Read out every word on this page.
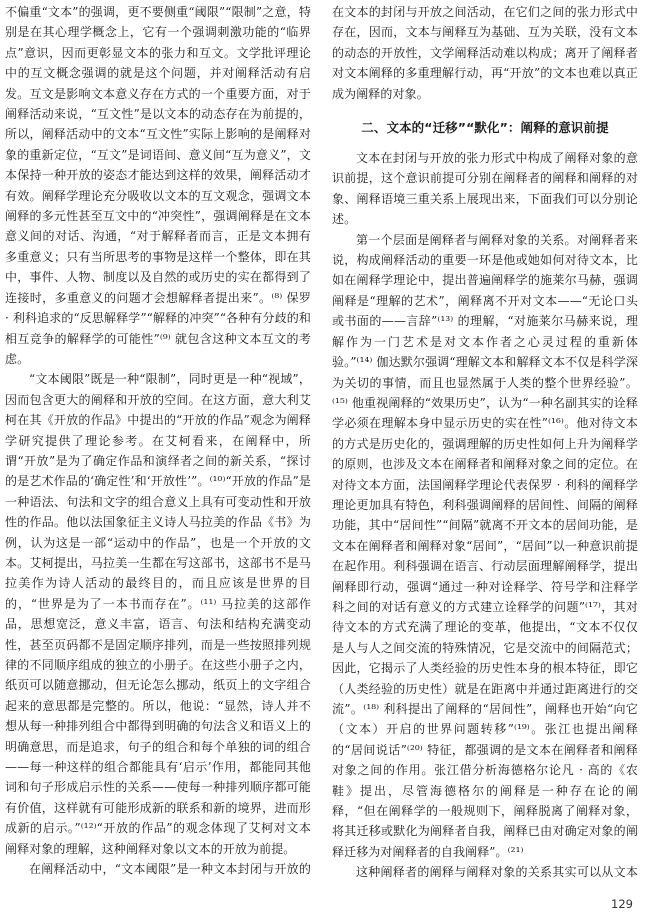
不偏重“文本”的强调，更不要侧重“阈限”“限制”之意，特别是在其心理学概念上，它有一个强调刺激功能的“临界点”意识，因而更彰显文本的张力和互文。文学批评理论中的互文概念强调的就是这个问题，并对阐释活动有启发。互文是影响文本意义存在方式的一个重要方面，对于阐释活动来说，“互文性”是以文本的动态存在为前提的，所以，阐释活动中的文本“互文性”实际上影响的是阐释对象的重新定位，“互文”是词语间、意义间“互为意义”，文本保持一种开放的姿态才能达到这样的效果，阐释活动才有效。阐释学理论充分吸收以文本的互文观念，强调文本阐释的多元性甚至互文中的“冲突性”，强调阐释是在文本意义间的对话、沟通，“对于解释者而言，正是文本拥有多重意义；只有当所思考的事物是这样一个整体，即在其中，事件、人物、制度以及自然的或历史的实在都得到了连接时，多重意义的问题才会想解释者提出来”。⁽⁸⁾ 保罗 · 利科追求的“反思解释学”“解释的冲突”“各种有分歧的和相互竞争的解释学的可能性”⁽⁹⁾ 就包含这种文本互文的考虑。

“文本阈限”既是一种“限制”，同时更是一种“视域”，因而包含更大的阐释和开放的空间。在这方面，意大利艾柯在其《开放的作品》中提出的“开放的作品”观念为阐释学研究提供了理论参考。在艾柯看来，在阐释中，所谓“开放”是为了确定作品和演绎者之间的新关系，“探讨的是艺术作品的‘确定性’和‘开放性’”。⁽¹⁰⁾“开放的作品”是一种语法、句法和文字的组合意义上具有可变动性和开放性的作品。他以法国象征主义诗人马拉美的作品《书》为例，认为这是一部“运动中的作品”，也是一个开放的文本。艾柯提出，马拉美一生都在写这部书，这部书不是马拉美作为诗人活动的最终目的，而且应该是世界的目的，“世界是为了一本书而存在”。⁽¹¹⁾ 马拉美的这部作品，思想宽泛，意义丰富，语言、句法和结构充满变动性，甚至页码都不是固定顺序排列，而是一些按照排列规律的不同顺序组成的独立的小册子。在这些小册子之内，纸页可以随意挪动，但无论怎么挪动，纸页上的文字组合起来的意思都是完整的。所以，他说：“显然，诗人并不想从每一种排列组合中都得到明确的句法含义和语义上的明确意思，而是追求，句子的组合和每个单独的词的组合——每一种这样的组合都能具有‘启示’作用，都能同其他词和句子形成启示性的关系——使每一种排列顺序都可能有价值，这样就有可能形成新的联系和新的境界，进而形成新的启示。”⁽¹²⁾“开放的作品”的观念体现了艾柯对文本阐释对象的理解，这种阐释对象以文本的开放为前提。

在阐释活动中，“文本阈限”是一种文本封闭与开放的

在文本的封闭与开放之间活动，在它们之间的张力形式中存在，因而，文本与阐释互为基础、互为关联，没有文本的动态的开放性，文学阐释活动难以构成；离开了阐释者对文本阐释的多重理解行动，再“开放”的文本也难以真正成为阐释的对象。

二、文本的“迁移”“默化”：阐释的意识前提

文本在封闭与开放的张力形式中构成了阐释对象的意识前提，这个意识前提可分别在阐释者的阐释和阐释的对象、阐释语境三重关系上展现出来，下面我们可以分别论述。

第一个层面是阐释者与阐释对象的关系。对阐释者来说，构成阐释活动的重要一环是他或她如何对待文本，比如在阐释学理论中，提出普遍阐释学的施莱尔马赫，强调阐释是“理解的艺术”，阐释离不开对文本——“无论口头或书面的——言辞”⁽¹³⁾ 的理解，“对施莱尔马赫来说，理解作为一门艺术是对文本作者之心灵过程的重新体验。”⁽¹⁴⁾ 伽达默尔强调“理解文本和解释文本不仅是科学深为关切的事情，而且也显然属于人类的整个世界经验”。⁽¹⁵⁾ 他重视阐释的“效果历史”，认为“一种名副其实的诠释学必须在理解本身中显示历史的实在性”⁽¹⁶⁾。他对待文本的方式是历史化的，强调理解的历史性如何上升为阐释学的原则，也涉及文本在阐释者和阐释对象之间的定位。在对待文本方面，法国阐释学理论代表保罗 · 利科的阐释学理论更加具有特色，利科强调阐释的居间性、间隔的阐释功能，其中“居间性”“间隔”就离不开文本的居间功能，是文本在阐释者和阐释对象“居间”，“居间”以一种意识前提在起作用。利科强调在语言、行动层面理解阐释学，提出阐释即行动，强调“通过一种对诠释学、符号学和注释学科之间的对话有意义的方式建立诠释学的问题”⁽¹⁷⁾，其对待文本的方式充满了理论的变革，他提出，“文本不仅仅是人与人之间交流的特殊情况，它是交流中的间隔范式；因此，它揭示了人类经验的历史性本身的根本特征，即它（人类经验的历史性）就是在距离中并通过距离进行的交流”。⁽¹⁸⁾ 利科提出了阐释的“居间性”，阐释也开始“向它（文本）开启的世界问题转移”⁽¹⁹⁾。张江也提出阐释的“居间说话”⁽²⁰⁾ 特征，都强调的是文本在阐释者和阐释对象之间的作用。张江借分析海德格尔论凡 · 高的《农鞋》提出，尽管海德格尔的阐释是一种存在论的阐释，“但在阐释学的一般规则下，阐释脱离了阐释对象，将其迁移或默化为阐释者自我，阐释已由对确定对象的阐释迁移为对阐释者的自我阐释”。⁽²¹⁾

这种阐释者的阐释与阐释对象的关系其实可以从文本

129
